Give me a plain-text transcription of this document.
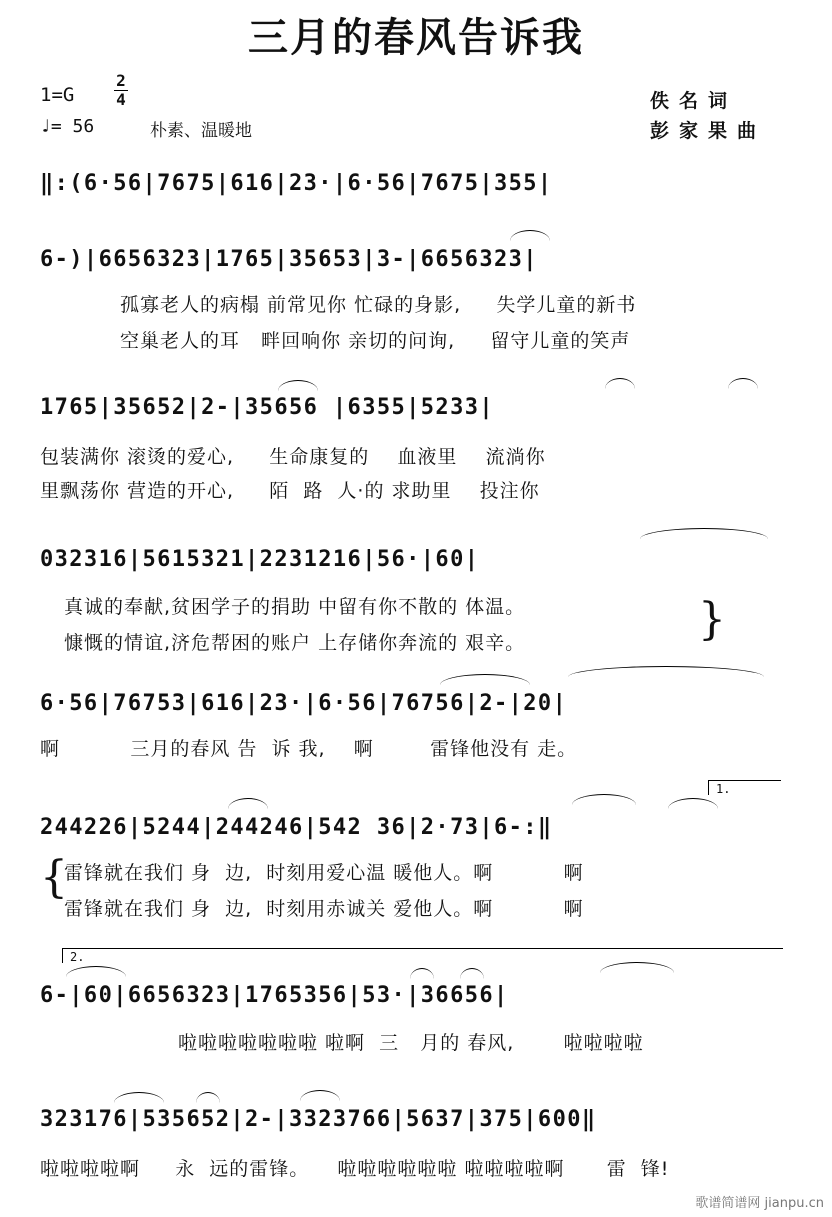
三月的春风告诉我
1=G
2
4
♩= 56	朴素、温暖地
佚名词
彭家果曲
‖:(6·56|7675|616|23·|6·56|7675|355|
6-)|6656323|1765|35653|3-|6656323|
孤寡老人的病榻 前常见你 忙碌的身影,     失学儿童的新书
空巢老人的耳   畔回响你 亲切的问询,     留守儿童的笑声
1765|35652|2-|35656 |6355|5233|
包装满你 滚烫的爱心,     生命康复的    血液里    流淌你
里飘荡你 营造的开心,     陌  路  人·的 求助里    投注你
032316|5615321|2231216|56·|60|
真诚的奉献,贫困学子的捐助 中留有你不散的 体温。
慷慨的情谊,济危帮困的账户 上存储你奔流的 艰辛。	}
6·56|76753|616|23·|6·56|76756|2-|20|
啊          三月的春风 告  诉 我,    啊        雷锋他没有 走。
1.
244226|5244|244246|542 36|2·73|6-:‖
{
雷锋就在我们 身  边,  时刻用爱心温 暖他人。啊          啊
雷锋就在我们 身  边,  时刻用赤诚关 爱他人。啊          啊
2.
6-|60|6656323|1765356|53·|36656|
啦啦啦啦啦啦啦 啦啊  三   月的 春风,       啦啦啦啦
323176|535652|2-|3323766|5637|375|600‖
啦啦啦啦啊     永  远的雷锋。    啦啦啦啦啦啦 啦啦啦啦啊      雷  锋!
歌谱简谱网 jianpu.cn
